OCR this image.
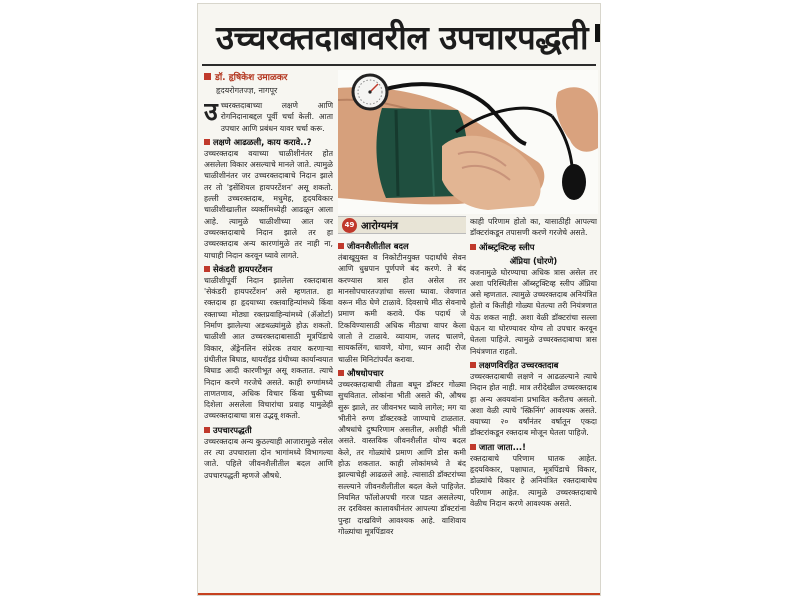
उच्चरक्तदाबावरील उपचारपद्धती
डॉ. हृषिकेश उमाळकर
हृदयरोगतज्ज्ञ, नागपूर
49 आरोग्यमंत्र

उच्चरक्तदाबाच्या लक्षणे आणि रोगनिदानाबद्दल पूर्वी चर्चा केली. आता उपचार आणि प्रबंधन यावर चर्चा करू.

लक्षणे आढळली, काय करावे..?

उच्चरक्तदाब वयाच्या चाळीशीनंतर होत असलेला विकार असल्याचे मानले जाते. त्यामुळे चाळीशीनंतर जर उच्चरक्तदाबाचे निदान झाले तर तो 'इसेंशियल हायपरटेंशन' असू शकतो. हल्ली उच्चरक्तदाब, मधुमेह, हृदयविकार चाळीशीखालील व्यक्तींमध्येही आढळून आला आहे. त्यामुळे चाळीशीच्या आत जर उच्चरक्तदाबाचे निदान झाले तर हा उच्चरक्तदाब अन्य कारणांमुळे तर नाही ना, याचाही निदान करवून घ्यावे लागते.

सेकंडरी हायपरटेंशन

चाळीशीपूर्वी निदान झालेला रक्तदाबास 'सेकंडरी हायपरटेंशन' असे म्हणतात. हा रक्तदाब हा हृदयाच्या रक्तवाहिन्यांमध्ये किंवा रक्ताच्या मोठ्या रक्तप्रवाहिन्यांमध्ये (ॲओर्टा) निर्माण झालेल्या अडथळ्यांमुळे होऊ शकतो. चाळीशी आत उच्चरक्तदाबासाठी मूत्रपिंडाचे विकार, ॲड्रेनलिन संप्रेरक तयार करणाऱ्या ग्रंथीतील बिघाड, थायरॉइड ग्रंथीच्या कार्यान्वयात बिघाड आदी कारणीभूत असू शकतात. त्याचे निदान करणे गरजेचे असते. काही रुग्णांमध्ये ताणतणाव, अधिक विचार किंवा चुकीच्या दिशेला असलेला विचारांचा प्रवाह यामुळेही उच्चरक्तदाबाचा त्रास उद्भवू शकतो.

उपचारपद्धती

उच्चरक्तदाब अन्य कुठल्याही आजारामुळे नसेल तर त्या उपचाराला दोन भागांमध्ये विभागल्या जाते. पहिले जीवनशैलीतील बदल आणि उपचारपद्धती म्हणजे औषधे.

जीवनशैलीतील बदल

तंबाखूयुक्त व निकोटीनयुक्त पदार्थांचे सेवन आणि धुम्रपान पूर्णपणे बंद करणे. ते बंद करण्यास त्रास होत असेल तर मानसोपचारतज्ज्ञांचा सल्ला घ्यावा. जेवणात वरून मीठ घेणे टाळावे. दिवसाचे मीठ सेवनाचे प्रमाण कमी करावे. पॅक पदार्थ जे टिकविण्यासाठी अधिक मीठाचा वापर केला जातो ते टाळावे. व्यायाम, जलद चालणे, सायकलिंग, धावणे, योगा, ध्यान आदी रोज चाळीस मिनिटांपर्यंत करावा.

औषधोपचार

उच्चरक्तदाबाची तीव्रता बघून डॉक्टर गोळ्या सुचवितात. लोकांना भीती असते की, औषध सुरू झाले, तर जीवनभर घ्यावे लागेल; मग या भीतीने रुग्ण डॉक्टरकडे जाण्याचे टाळतात. औषधांचे दुष्परिणाम असतील, अशीही भीती असते. वास्तविक जीवनशैलीत योग्य बदल केले, तर गोळ्यांचे प्रमाण आणि डोस कमी होऊ शकतात. काही लोकांमध्ये ते बंद झाल्याचेही आढळले आहे. त्यासाठी डॉक्टरांच्या सल्ल्याने जीवनशैलीतील बदल केले पाहिजेत. नियमित फॉलोअपची गरज पडत असलेल्या, तर दरविवस कालावधीनंतर आपल्या डॉक्टरांना पुन्हा दाखविणे आवश्यक आहे. वाशिवाय गोळ्यांचा मूत्रपिंडावर

काही परिणाम होतो का, यासाठीही आपल्या डॉक्टरांकडून तपासणी करणे गरजेचे असते.

ऑब्स्ट्रक्टिव्ह स्लीप
ॲप्निया (घोरणे)

वजनामुळे घोरण्याचा अधिक त्रास असेल तर अशा परिस्थितीस ऑब्स्ट्रक्टिव्ह स्लीप ॲप्निया असे म्हणतात. त्यामुळे उच्चरक्तदाब अनियंत्रित होतो व कितीही गोळ्या घेतल्या तरी नियंत्रणात येऊ शकत नाही. अशा वेळी डॉक्टरांचा सल्ला घेऊन या घोरण्यावर योग्य तो उपचार करवून घेतला पाहिजे. त्यामुळे उच्चरक्तदाबाचा त्रास नियंत्रणात राहतो.

लक्षणविरहित उच्चरक्तदाब

उच्चरक्तदाबाची लक्षणे न आढळल्याने त्याचे निदान होत नाही. मात्र तरीदेखील उच्चरक्तदाब हा अन्य अवयवांना प्रभावित करीतच असतो. अशा वेळी त्याचे 'स्क्रिनिंग' आवश्यक असते. वयाच्या २० वर्षांनंतर वर्षातून एकदा डॉक्टरांकडून रक्तदाब मोजून घेतला पाहिजे.

जाता जाता...!

रक्तदाबाचे परिणाम घातक आहेत. हृदयविकार, पक्षाघात, मूत्रपिंडाचे विकार, डोळ्यांचे विकार हे अनियंत्रित रक्तदाबाचेच परिणाम आहेत. त्यामुळे उच्चरक्तदाबाचे वेळीच निदान करणे आवश्यक असते.
